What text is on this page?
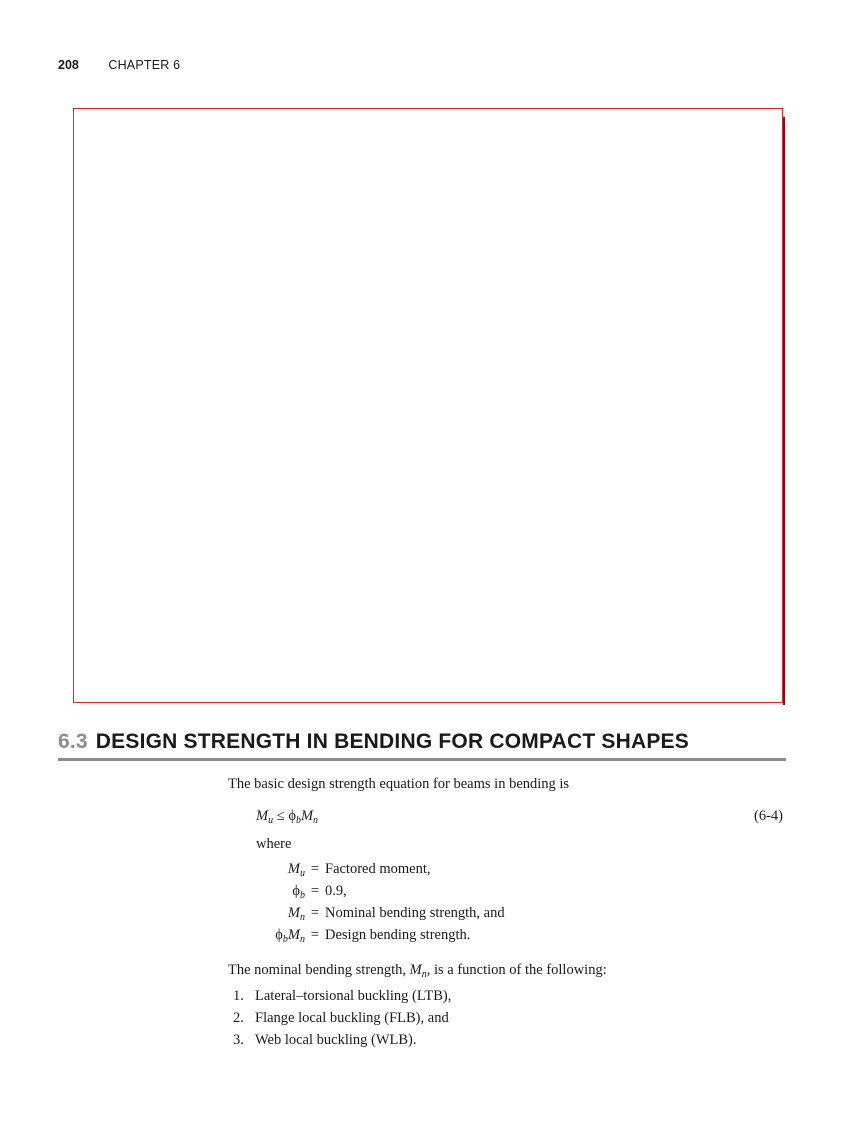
208 CHAPTER 6
6.3 DESIGN STRENGTH IN BENDING FOR COMPACT SHAPES
The basic design strength equation for beams in bending is
$M_u \le \phi_bM_n$	(6-4)
where
$M_u$ = Factored moment,
$\phi_b = 0.9$,
$M_n$ = Nominal bending strength, and
$\phi_bM_n$ = Design bending strength.
The nominal bending strength, $M_n$, is a function of the following:
1. Lateral–torsional buckling (LTB),
2. Flange local buckling (FLB), and
3. Web local buckling (WLB).
